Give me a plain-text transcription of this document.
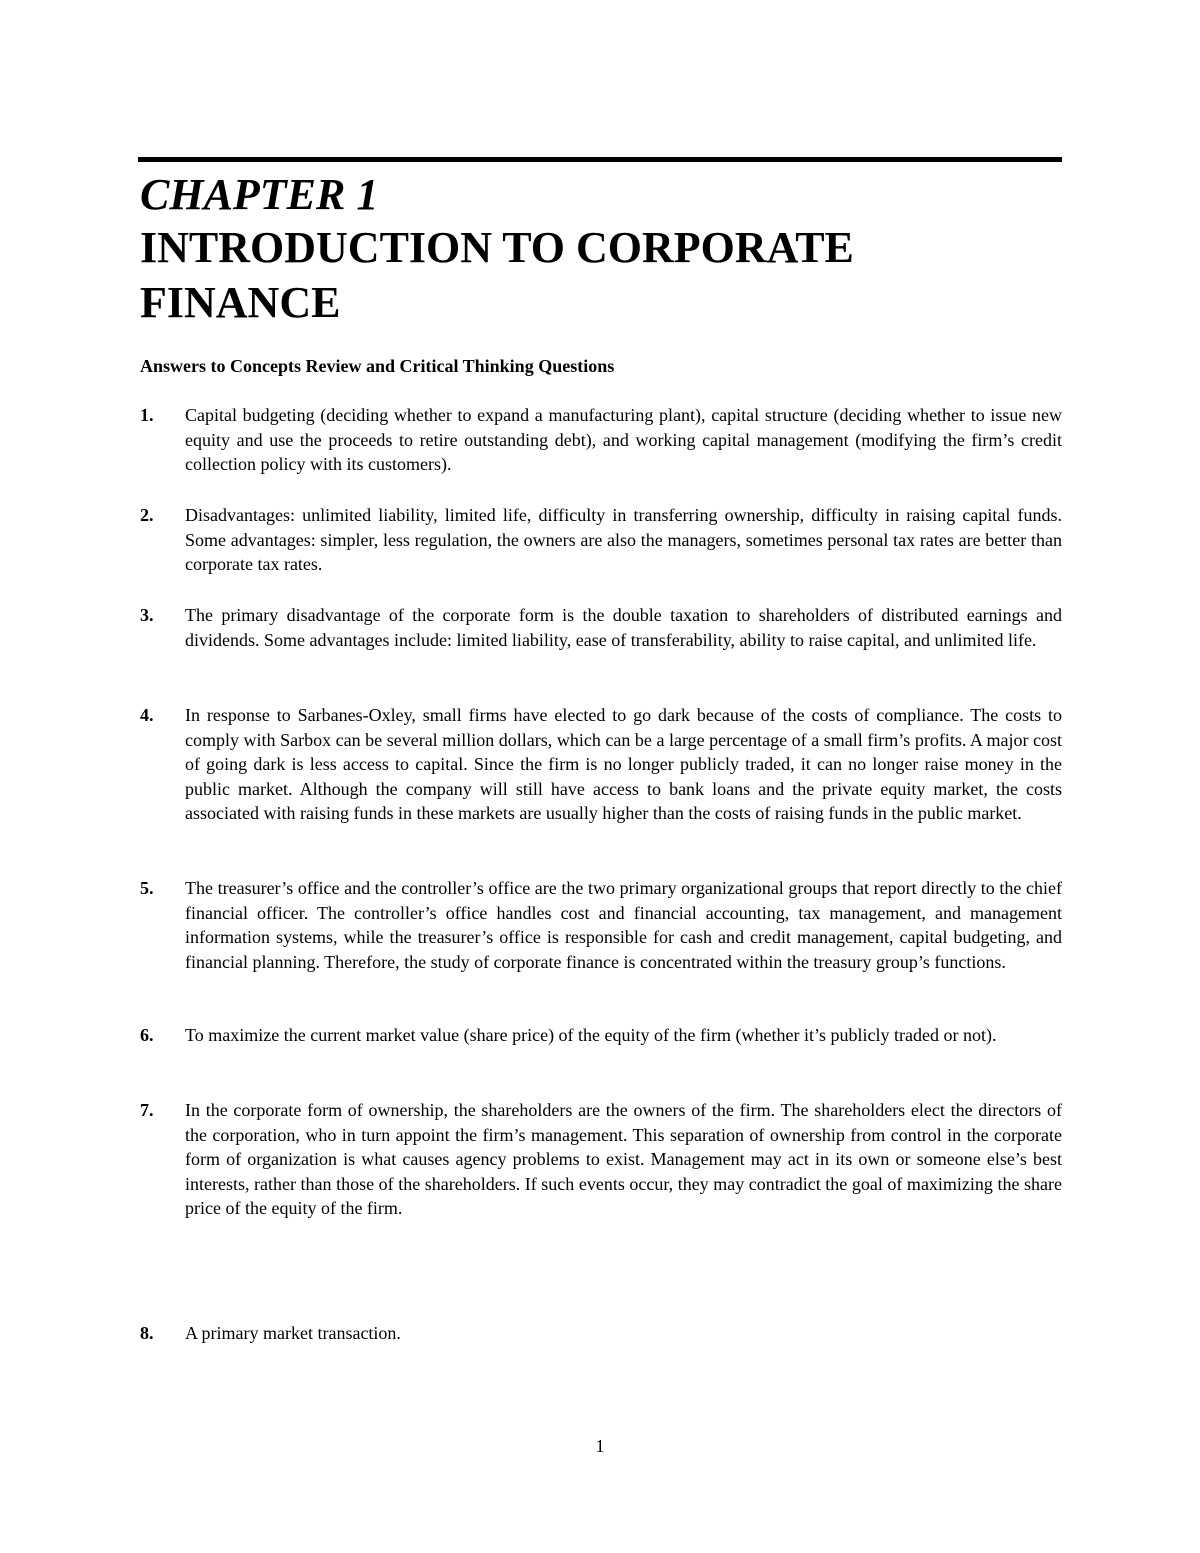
CHAPTER 1
INTRODUCTION TO CORPORATE FINANCE
Answers to Concepts Review and Critical Thinking Questions
1. Capital budgeting (deciding whether to expand a manufacturing plant), capital structure (deciding whether to issue new equity and use the proceeds to retire outstanding debt), and working capital management (modifying the firm’s credit collection policy with its customers).
2. Disadvantages: unlimited liability, limited life, difficulty in transferring ownership, difficulty in raising capital funds. Some advantages: simpler, less regulation, the owners are also the managers, sometimes personal tax rates are better than corporate tax rates.
3. The primary disadvantage of the corporate form is the double taxation to shareholders of distributed earnings and dividends. Some advantages include: limited liability, ease of transferability, ability to raise capital, and unlimited life.
4. In response to Sarbanes-Oxley, small firms have elected to go dark because of the costs of compliance. The costs to comply with Sarbox can be several million dollars, which can be a large percentage of a small firm’s profits. A major cost of going dark is less access to capital. Since the firm is no longer publicly traded, it can no longer raise money in the public market. Although the company will still have access to bank loans and the private equity market, the costs associated with raising funds in these markets are usually higher than the costs of raising funds in the public market.
5. The treasurer’s office and the controller’s office are the two primary organizational groups that report directly to the chief financial officer. The controller’s office handles cost and financial accounting, tax management, and management information systems, while the treasurer’s office is responsible for cash and credit management, capital budgeting, and financial planning. Therefore, the study of corporate finance is concentrated within the treasury group’s functions.
6. To maximize the current market value (share price) of the equity of the firm (whether it’s publicly traded or not).
7. In the corporate form of ownership, the shareholders are the owners of the firm. The shareholders elect the directors of the corporation, who in turn appoint the firm’s management. This separation of ownership from control in the corporate form of organization is what causes agency problems to exist. Management may act in its own or someone else’s best interests, rather than those of the shareholders. If such events occur, they may contradict the goal of maximizing the share price of the equity of the firm.
8. A primary market transaction.
1
